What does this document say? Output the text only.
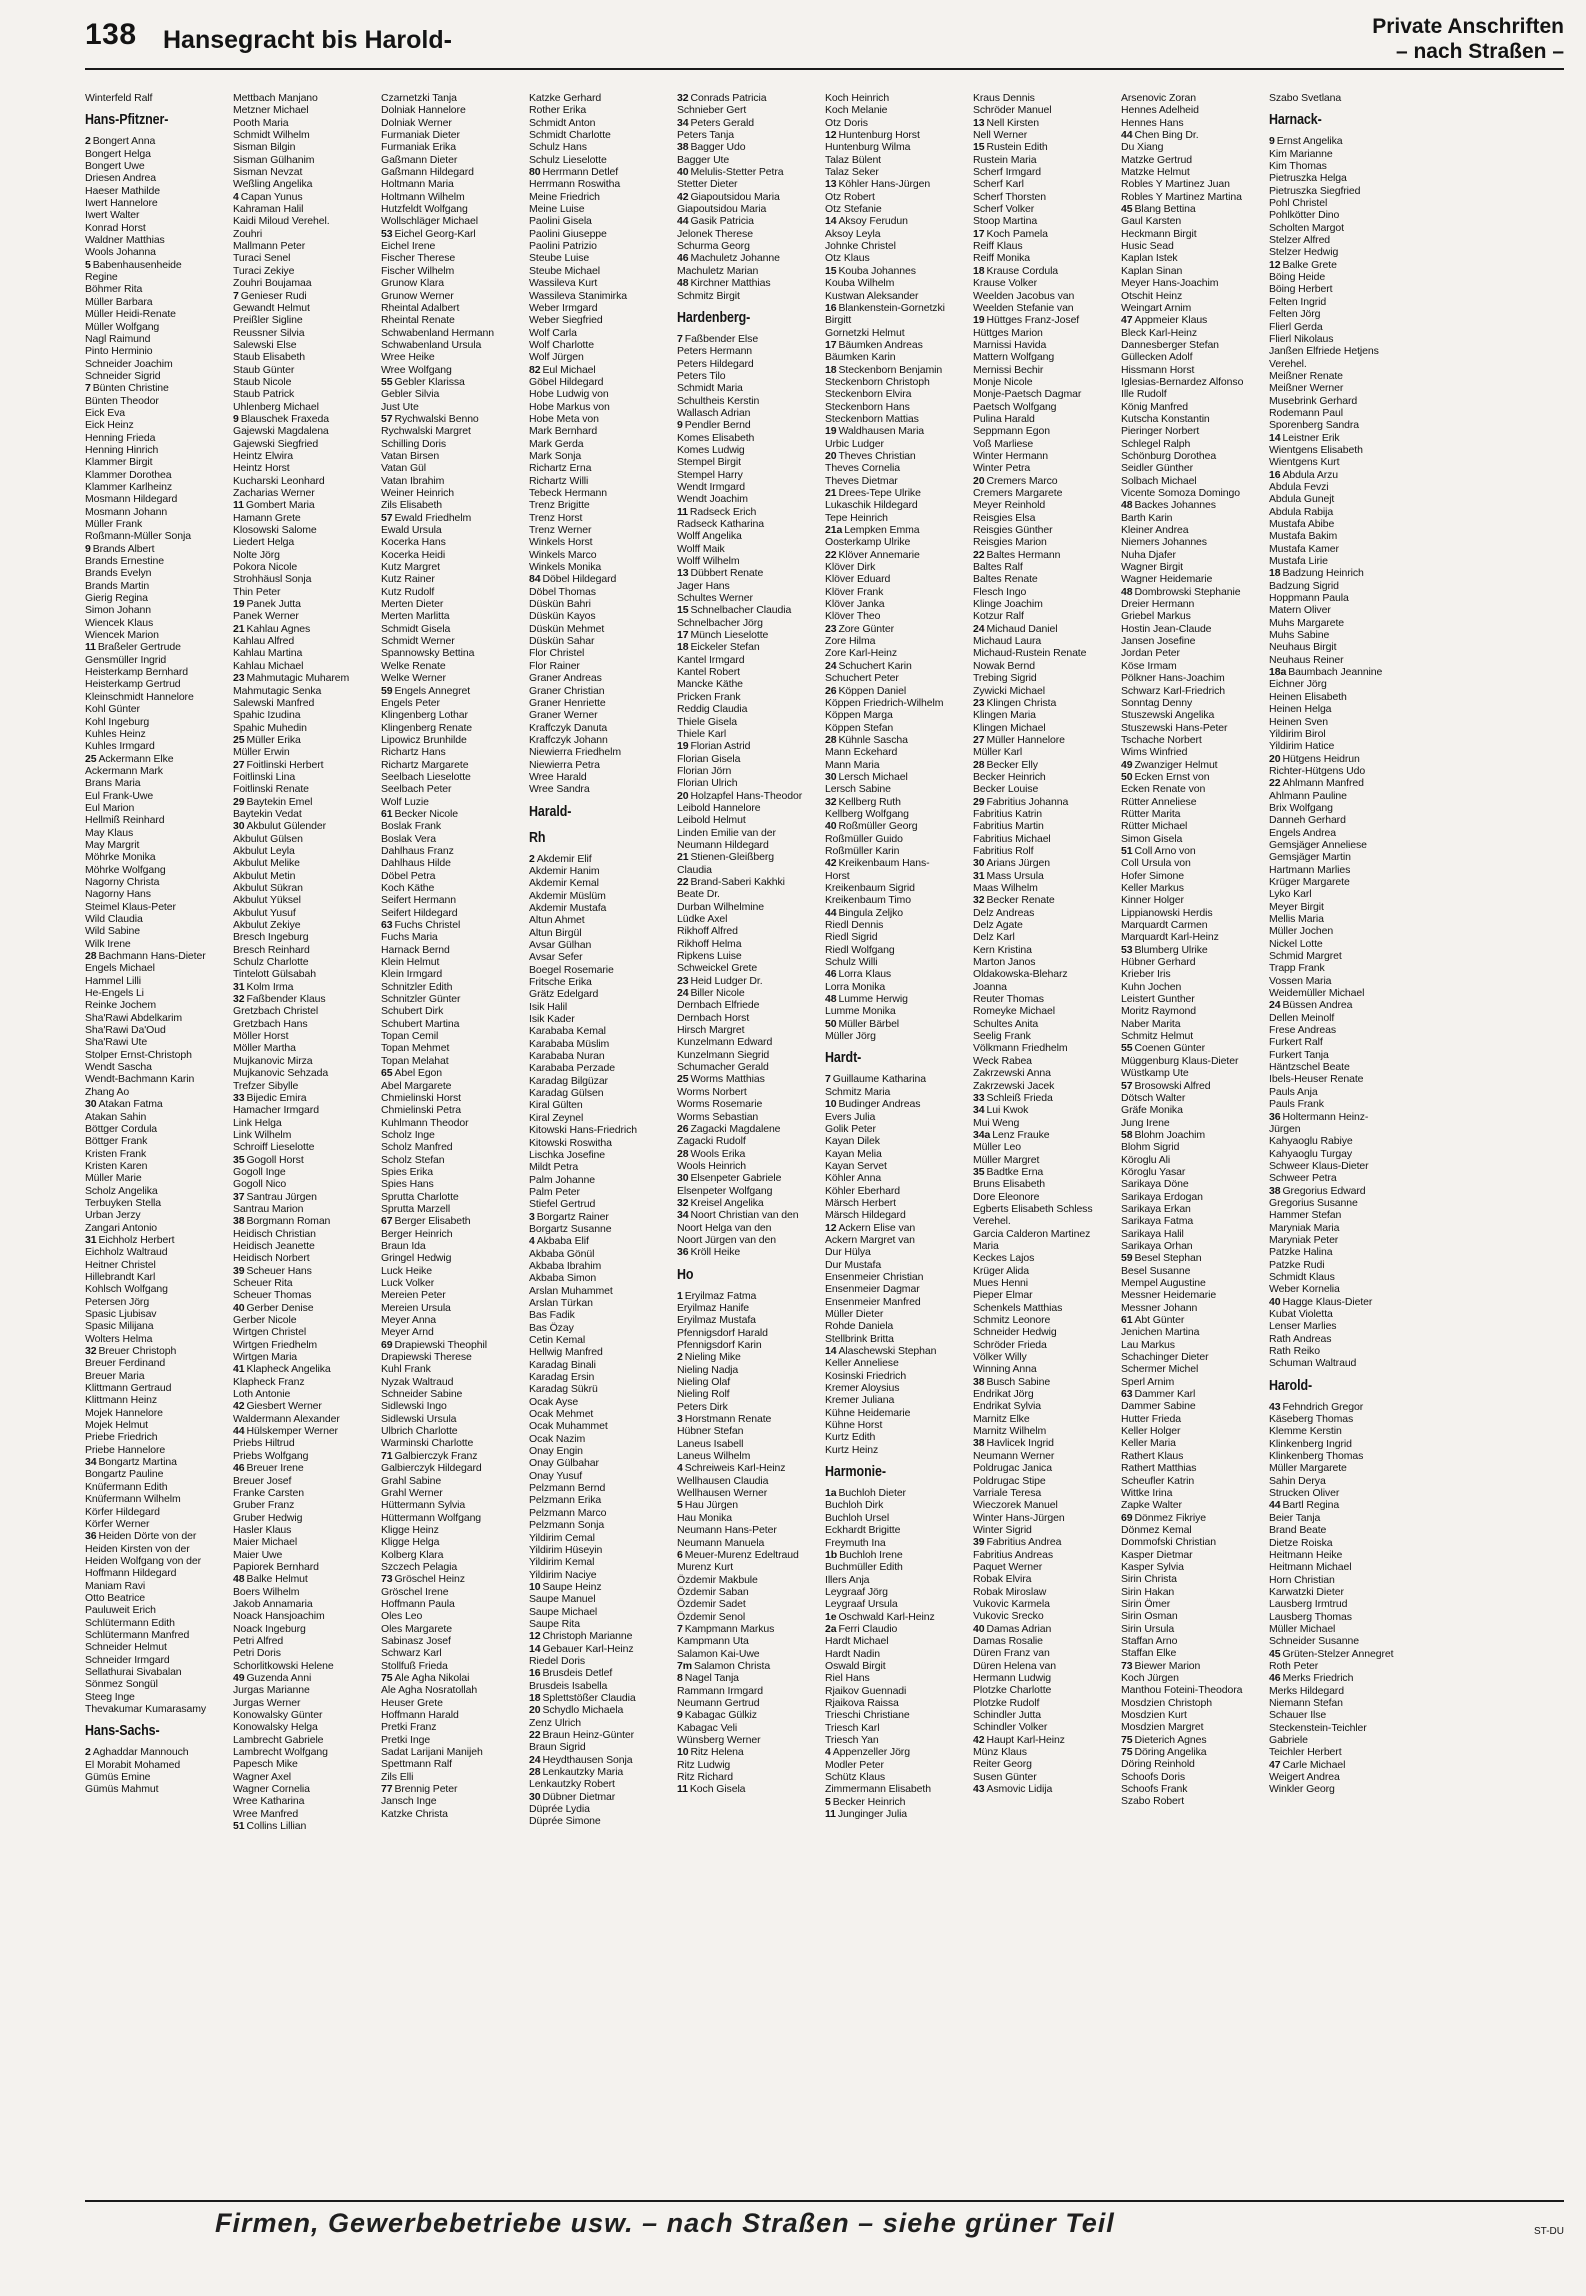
138 Hansegracht bis Harold-	Private Anschriften
– nach Straßen –
Winterfeld Ralf
Hans-Pfitzner-
2 Bongert Anna
Bongert Helga
Bongert Uwe
Driesen Andrea
Haeser Mathilde
Iwert Hannelore
Iwert Walter
Konrad Horst
Waldner Matthias
Wools Johanna
5 Babenhausenheide
Regine
Böhmer Rita
Müller Barbara
Müller Heidi-Renate
Müller Wolfgang
Nagl Raimund
Pinto Herminio
Schneider Joachim
Schneider Sigrid
7 Bünten Christine
Bünten Theodor
Eick Eva
Eick Heinz
Henning Frieda
Henning Hinrich
Klammer Birgit
Klammer Dorothea
Klammer Karlheinz
Mosmann Hildegard
Mosmann Johann
Müller Frank
Roßmann-Müller Sonja
9 Brands Albert
Brands Ernestine
Brands Evelyn
Brands Martin
Gierig Regina
Simon Johann
Wiencek Klaus
Wiencek Marion
11 Braßeler Gertrude
Gensmüller Ingrid
Heisterkamp Bernhard
Heisterkamp Gertrud
Kleinschmidt Hannelore
Kohl Günter
Kohl Ingeburg
Kuhles Heinz
Kuhles Irmgard
25 Ackermann Elke
Ackermann Mark
Brans Maria
Eul Frank-Uwe
Eul Marion
Hellmiß Reinhard
May Klaus
May Margrit
Möhrke Monika
Möhrke Wolfgang
Nagorny Christa
Nagorny Hans
Steimel Klaus-Peter
Wild Claudia
Wild Sabine
Wilk Irene
28 Bachmann Hans-Dieter
Engels Michael
Hammel Lilli
He-Engels Li
Reinke Jochem
Sha'Rawi Abdelkarim
Sha'Rawi Da'Oud
Sha'Rawi Ute
Stolper Ernst-Christoph
Wendt Sascha
Wendt-Bachmann Karin
Zhang Ao
30 Atakan Fatma
Atakan Sahin
Böttger Cordula
Böttger Frank
Kristen Frank
Kristen Karen
Müller Marie
Scholz Angelika
Terbuyken Stella
Urban Jerzy
Zangari Antonio
31 Eichholz Herbert
Eichholz Waltraud
Heitner Christel
Hillebrandt Karl
Kohlsch Wolfgang
Petersen Jörg
Spasic Ljubisav
Spasic Milijana
Wolters Helma
32 Breuer Christoph
Breuer Ferdinand
Breuer Maria
Klittmann Gertraud
Klittmann Heinz
Mojek Hannelore
Mojek Helmut
Priebe Friedrich
Priebe Hannelore
34 Bongartz Martina
Bongartz Pauline
Knüfermann Edith
Knüfermann Wilhelm
Körfer Hildegard
Körfer Werner
36 Heiden Dörte von der
Heiden Kirsten von der
Heiden Wolfgang von der
Hoffmann Hildegard
Maniam Ravi
Otto Beatrice
Pauluweit Erich
Schlütermann Edith
Schlütermann Manfred
Schneider Helmut
Schneider Irmgard
Sellathurai Sivabalan
Sönmez Songül
Steeg Inge
Thevakumar Kumarasamy
Hans-Sachs-
2 Aghaddar Mannouch
El Morabit Mohamed
Gümüs Emine
Gümüs Mahmut
Mettbach Manjano
Metzner Michael
Pooth Maria
Schmidt Wilhelm
Sisman Bilgin
Sisman Gülhanim
Sisman Nevzat
Weßling Angelika
4 Capan Yunus
Kahraman Halil
Kaidi Miloud Verehel.
Zouhri
Mallmann Peter
Turaci Senel
Turaci Zekiye
Zouhri Boujamaa
7 Genieser Rudi
Gewandt Helmut
Preißler Sigline
Reussner Silvia
Salewski Else
Staub Elisabeth
Staub Günter
Staub Nicole
Staub Patrick
Uhlenberg Michael
9 Blauschek Fraxeda
Gajewski Magdalena
Gajewski Siegfried
Heintz Elwira
Heintz Horst
Kucharski Leonhard
Zacharias Werner
11 Gombert Maria
Hamann Grete
Klosowski Salome
Liedert Helga
Nolte Jörg
Pokora Nicole
Strohhäusl Sonja
Thin Peter
19 Panek Jutta
Panek Werner
21 Kahlau Agnes
Kahlau Alfred
Kahlau Martina
Kahlau Michael
23 Mahmutagic Muharem
Mahmutagic Senka
Salewski Manfred
Spahic Izudina
Spahic Muhedin
25 Müller Erika
Müller Erwin
27 Foitlinski Herbert
Foitlinski Lina
Foitlinski Renate
29 Baytekin Emel
Baytekin Vedat
30 Akbulut Gülender
Akbulut Gülsen
Akbulut Leyla
Akbulut Melike
Akbulut Metin
Akbulut Sükran
Akbulut Yüksel
Akbulut Yusuf
Akbulut Zekiye
Bresch Ingeburg
Bresch Reinhard
Schulz Charlotte
Tintelott Gülsabah
31 Kolm Irma
32 Faßbender Klaus
Gretzbach Christel
Gretzbach Hans
Möller Horst
Möller Martha
Mujkanovic Mirza
Mujkanovic Sehzada
Trefzer Sibylle
33 Bijedic Emira
Hamacher Irmgard
Link Helga
Link Wilhelm
Schroiff Lieselotte
35 Gogoll Horst
Gogoll Inge
Gogoll Nico
37 Santrau Jürgen
Santrau Marion
38 Borgmann Roman
Heidisch Christian
Heidisch Jeanette
Heidisch Norbert
39 Scheuer Hans
Scheuer Rita
Scheuer Thomas
40 Gerber Denise
Gerber Nicole
Wirtgen Christel
Wirtgen Friedhelm
Wirtgen Maria
41 Klapheck Angelika
Klapheck Franz
Loth Antonie
42 Giesbert Werner
Waldermann Alexander
44 Hülskemper Werner
Priebs Hiltrud
Priebs Wolfgang
46 Breuer Irene
Breuer Josef
Franke Carsten
Gruber Franz
Gruber Hedwig
Hasler Klaus
Maier Michael
Maier Uwe
Papiorek Bernhard
48 Balke Helmut
Boers Wilhelm
Jakob Annamaria
Noack Hansjoachim
Noack Ingeburg
Petri Alfred
Petri Doris
Schorlitkowski Helene
49 Guzenda Anni
Jurgas Marianne
Jurgas Werner
Konowalsky Günter
Konowalsky Helga
Lambrecht Gabriele
Lambrecht Wolfgang
Papesch Mike
Wagner Axel
Wagner Cornelia
Wree Katharina
Wree Manfred
51 Collins Lillian
Czarnetzki Tanja
Dolniak Hannelore
Dolniak Werner
Furmaniak Dieter
Furmaniak Erika
Gaßmann Dieter
Gaßmann Hildegard
Holtmann Maria
Holtmann Wilhelm
Hutzfeldt Wolfgang
Wollschläger Michael
53 Eichel Georg-Karl
Eichel Irene
Fischer Therese
Fischer Wilhelm
Grunow Klara
Grunow Werner
Rheintal Adalbert
Rheintal Renate
Schwabenland Hermann
Schwabenland Ursula
Wree Heike
Wree Wolfgang
55 Gebler Klarissa
Gebler Silvia
Just Ute
57 Rychwalski Benno
Rychwalski Margret
Schilling Doris
Vatan Birsen
Vatan Gül
Vatan Ibrahim
Weiner Heinrich
Zils Elisabeth
57 Ewald Friedhelm
Ewald Ursula
Kocerka Hans
Kocerka Heidi
Kutz Margret
Kutz Rainer
Kutz Rudolf
Merten Dieter
Merten Marlitta
Schmidt Gisela
Schmidt Werner
Spannowsky Bettina
Welke Renate
Welke Werner
59 Engels Annegret
Engels Peter
Klingenberg Lothar
Klingenberg Renate
Lipowicz Brunhilde
Richartz Hans
Richartz Margarete
Seelbach Lieselotte
Seelbach Peter
Wolf Luzie
61 Becker Nicole
Boslak Frank
Boslak Vera
Dahlhaus Franz
Dahlhaus Hilde
Döbel Petra
Koch Käthe
Seifert Hermann
Seifert Hildegard
63 Fuchs Christel
Fuchs Maria
Harnack Bernd
Klein Helmut
Klein Irmgard
Schnitzler Edith
Schnitzler Günter
Schubert Dirk
Schubert Martina
Topan Cemil
Topan Mehmet
Topan Melahat
65 Abel Egon
Abel Margarete
Chmielinski Horst
Chmielinski Petra
Kuhlmann Theodor
Scholz Inge
Scholz Manfred
Scholz Stefan
Spies Erika
Spies Hans
Sprutta Charlotte
Sprutta Marzell
67 Berger Elisabeth
Berger Heinrich
Braun Ida
Gringel Hedwig
Luck Heike
Luck Volker
Mereien Peter
Mereien Ursula
Meyer Anna
Meyer Arnd
69 Drapiewski Theophil
Drapiewski Therese
Kuhl Frank
Nyzak Waltraud
Schneider Sabine
Sidlewski Ingo
Sidlewski Ursula
Ulbrich Charlotte
Warminski Charlotte
71 Galbierczyk Franz
Galbierczyk Hildegard
Grahl Sabine
Grahl Werner
Hüttermann Sylvia
Hüttermann Wolfgang
Kligge Heinz
Kligge Helga
Kolberg Klara
Szczech Pelagia
73 Gröschel Heinz
Gröschel Irene
Hoffmann Paula
Oles Leo
Oles Margarete
Sabinasz Josef
Schwarz Karl
Stollfuß Frieda
75 Ale Agha Nikolai
Ale Agha Nosratollah
Heuser Grete
Hoffmann Harald
Pretki Franz
Pretki Inge
Sadat Larijani Manijeh
Spettmann Ralf
Zils Elli
77 Brennig Peter
Jansch Inge
Katzke Christa
Katzke Gerhard
Rother Erika
Schmidt Anton
Schmidt Charlotte
Schulz Hans
Schulz Lieselotte
80 Herrmann Detlef
Herrmann Roswitha
Meine Friedrich
Meine Luise
Paolini Gisela
Paolini Giuseppe
Paolini Patrizio
Steube Luise
Steube Michael
Wassileva Kurt
Wassileva Stanimirka
Weber Irmgard
Weber Siegfried
Wolf Carla
Wolf Charlotte
Wolf Jürgen
82 Eul Michael
Göbel Hildegard
Hobe Ludwig von
Hobe Markus von
Hobe Meta von
Mark Bernhard
Mark Gerda
Mark Sonja
Richartz Erna
Richartz Willi
Tebeck Hermann
Trenz Brigitte
Trenz Horst
Trenz Werner
Winkels Horst
Winkels Marco
Winkels Monika
84 Döbel Hildegard
Döbel Thomas
Düskün Bahri
Düskün Kayos
Düskün Mehmet
Düskün Sahar
Flor Christel
Flor Rainer
Graner Andreas
Graner Christian
Graner Henriette
Graner Werner
Kraffczyk Danuta
Kraffczyk Johann
Niewierra Friedhelm
Niewierra Petra
Wree Harald
Wree Sandra
Harald-
Rh
2 Akdemir Elif
Akdemir Hanim
Akdemir Kemal
Akdemir Müslüm
Akdemir Mustafa
Altun Ahmet
Altun Birgül
Avsar Gülhan
Avsar Sefer
Boegel Rosemarie
Fritsche Erika
Grätz Edelgard
Isik Halil
Isik Kader
Karababa Kemal
Karababa Müslim
Karababa Nuran
Karababa Perzade
Karadag Bilgüzar
Karadag Gülsen
Kiral Gülten
Kiral Zeynel
Kitowski Hans-Friedrich
Kitowski Roswitha
Lischka Josefine
Mildt Petra
Palm Johanne
Palm Peter
Stiefel Gertrud
3 Borgartz Rainer
Borgartz Susanne
4 Akbaba Elif
Akbaba Gönül
Akbaba Ibrahim
Akbaba Simon
Arslan Muhammet
Arslan Türkan
Bas Fadik
Bas Özay
Cetin Kemal
Hellwig Manfred
Karadag Binali
Karadag Ersin
Karadag Sükrü
Ocak Ayse
Ocak Mehmet
Ocak Muhammet
Ocak Nazim
Onay Engin
Onay Gülbahar
Onay Yusuf
Pelzmann Bernd
Pelzmann Erika
Pelzmann Marco
Pelzmann Sonja
Yildirim Cemal
Yildirim Hüseyin
Yildirim Kemal
Yildirim Naciye
10 Saupe Heinz
Saupe Manuel
Saupe Michael
Saupe Rita
12 Christoph Marianne
14 Gebauer Karl-Heinz
Riedel Doris
16 Brusdeis Detlef
Brusdeis Isabella
18 Splettstößer Claudia
20 Schydlo Michaela
Zenz Ulrich
22 Braun Heinz-Günter
Braun Sigrid
24 Heydthausen Sonja
28 Lenkautzky Maria
Lenkautzky Robert
30 Dübner Dietmar
Düprée Lydia
Düprée Simone
32 Conrads Patricia
Schnieber Gert
34 Peters Gerald
Peters Tanja
38 Bagger Udo
Bagger Ute
40 Melulis-Stetter Petra
Stetter Dieter
42 Giapoutsidou Maria
Giapoutsidou Maria
44 Gasik Patricia
Jelonek Therese
Schurma Georg
46 Machuletz Johanne
Machuletz Marian
48 Kirchner Matthias
Schmitz Birgit
Hardenberg-
7 Faßbender Else
Peters Hermann
Peters Hildegard
Peters Tilo
Schmidt Maria
Schultheis Kerstin
Wallasch Adrian
9 Pendler Bernd
Komes Elisabeth
Komes Ludwig
Stempel Birgit
Stempel Harry
Wendt Irmgard
Wendt Joachim
11 Radseck Erich
Radseck Katharina
Wolff Angelika
Wolff Maik
Wolff Wilhelm
13 Dübbert Renate
Jager Hans
Schultes Werner
15 Schnelbacher Claudia
Schnelbacher Jörg
17 Münch Lieselotte
18 Eickeler Stefan
Kantel Irmgard
Kantel Robert
Mancke Käthe
Pricken Frank
Reddig Claudia
Thiele Gisela
Thiele Karl
19 Florian Astrid
Florian Gisela
Florian Jörn
Florian Ulrich
20 Holzapfel Hans-Theodor
Leibold Hannelore
Leibold Helmut
Linden Emilie van der
Neumann Hildegard
21 Stienen-Gleißberg
Claudia
22 Brand-Saberi Kakhki
Beate Dr.
Durban Wilhelmine
Lüdke Axel
Rikhoff Alfred
Rikhoff Helma
Ripkens Luise
Schweickel Grete
23 Heid Ludger Dr.
24 Biller Nicole
Dernbach Elfriede
Dernbach Horst
Hirsch Margret
Kunzelmann Edward
Kunzelmann Siegrid
Schumacher Gerald
25 Worms Matthias
Worms Norbert
Worms Rosemarie
Worms Sebastian
26 Zagacki Magdalene
Zagacki Rudolf
28 Wools Erika
Wools Heinrich
30 Elsenpeter Gabriele
Elsenpeter Wolfgang
32 Kreisel Angelika
34 Noort Christian van den
Noort Helga van den
Noort Jürgen van den
36 Kröll Heike
Ho
1 Eryilmaz Fatma
Eryilmaz Hanife
Eryilmaz Mustafa
Pfennigsdorf Harald
Pfennigsdorf Karin
2 Nieling Mike
Nieling Nadja
Nieling Olaf
Nieling Rolf
Peters Dirk
3 Horstmann Renate
Hübner Stefan
Laneus Isabell
Laneus Wilhelm
4 Schreiweis Karl-Heinz
Wellhausen Claudia
Wellhausen Werner
5 Hau Jürgen
Hau Monika
Neumann Hans-Peter
Neumann Manuela
6 Meuer-Murenz Edeltraud
Murenz Kurt
Özdemir Makbule
Özdemir Saban
Özdemir Sadet
Özdemir Senol
7 Kampmann Markus
Kampmann Uta
Salamon Kai-Uwe
7m Salamon Christa
8 Nagel Tanja
Rammann Irmgard
Neumann Gertrud
9 Kabagac Gülkiz
Kabagac Veli
Wünsberg Werner
10 Ritz Helena
Ritz Ludwig
Ritz Richard
11 Koch Gisela
Koch Heinrich
Koch Melanie
Otz Doris
12 Huntenburg Horst
Huntenburg Wilma
Talaz Bülent
Talaz Seker
13 Köhler Hans-Jürgen
Otz Robert
Otz Stefanie
14 Aksoy Ferudun
Aksoy Leyla
Johnke Christel
Otz Klaus
15 Kouba Johannes
Kouba Wilhelm
Kustwan Aleksander
16 Blankenstein-Gornetzki
Birgitt
Gornetzki Helmut
17 Bäumken Andreas
Bäumken Karin
18 Steckenborn Benjamin
Steckenborn Christoph
Steckenborn Elvira
Steckenborn Hans
Steckenborn Mattias
19 Waldhausen Maria
Urbic Ludger
20 Theves Christian
Theves Cornelia
Theves Dietmar
21 Drees-Tepe Ulrike
Lukaschik Hildegard
Tepe Heinrich
21a Lempken Emma
Oosterkamp Ulrike
22 Klöver Annemarie
Klöver Dirk
Klöver Eduard
Klöver Frank
Klöver Janka
Klöver Theo
23 Zore Günter
Zore Hilma
Zore Karl-Heinz
24 Schuchert Karin
Schuchert Peter
26 Köppen Daniel
Köppen Friedrich-Wilhelm
Köppen Marga
Köppen Stefan
28 Kühnle Sascha
Mann Eckehard
Mann Maria
30 Lersch Michael
Lersch Sabine
32 Kellberg Ruth
Kellberg Wolfgang
40 Roßmüller Georg
Roßmüller Guido
Roßmüller Karin
42 Kreikenbaum Hans-
Horst
Kreikenbaum Sigrid
Kreikenbaum Timo
44 Bingula Zeljko
Riedl Dennis
Riedl Sigrid
Riedl Wolfgang
Schulz Willi
46 Lorra Klaus
Lorra Monika
48 Lumme Herwig
Lumme Monika
50 Müller Bärbel
Müller Jörg
Hardt-
7 Guillaume Katharina
Schmitz Maria
10 Budinger Andreas
Evers Julia
Golik Peter
Kayan Dilek
Kayan Melia
Kayan Servet
Köhler Anna
Köhler Eberhard
Märsch Herbert
Märsch Hildegard
12 Ackern Elise van
Ackern Margret van
Dur Hülya
Dur Mustafa
Ensenmeier Christian
Ensenmeier Dagmar
Ensenmeier Manfred
Müller Dieter
Rohde Daniela
Stellbrink Britta
14 Alaschewski Stephan
Keller Anneliese
Kosinski Friedrich
Kremer Aloysius
Kremer Juliana
Kühne Heidemarie
Kühne Horst
Kurtz Edith
Kurtz Heinz
Harmonie-
1a Buchloh Dieter
Buchloh Dirk
Buchloh Ursel
Eckhardt Brigitte
Freymuth Ina
1b Buchloh Irene
Buchmüller Edith
Illers Anja
Leygraaf Jörg
Leygraaf Ursula
1e Oschwald Karl-Heinz
2a Ferri Claudio
Hardt Michael
Hardt Nadin
Oswald Birgit
Riel Hans
Rjaikov Guennadi
Rjaikova Raissa
Trieschi Christiane
Triesch Karl
Triesch Yan
4 Appenzeller Jörg
Modler Peter
Schütz Klaus
Zimmermann Elisabeth
5 Becker Heinrich
11 Junginger Julia
Kraus Dennis
Schröder Manuel
13 Nell Kirsten
Nell Werner
15 Rustein Edith
Rustein Maria
Scherf Irmgard
Scherf Karl
Scherf Thorsten
Scherf Volker
Stoop Martina
17 Koch Pamela
Reiff Klaus
Reiff Monika
18 Krause Cordula
Krause Volker
Weelden Jacobus van
Weelden Stefanie van
19 Hüttges Franz-Josef
Hüttges Marion
Marnissi Havida
Mattern Wolfgang
Mernissi Bechir
Monje Nicole
Monje-Paetsch Dagmar
Paetsch Wolfgang
Pulina Harald
Seppmann Egon
Voß Marliese
Winter Hermann
Winter Petra
20 Cremers Marco
Cremers Margarete
Meyer Reinhold
Reisgies Elsa
Reisgies Günther
Reisgies Marion
22 Baltes Hermann
Baltes Ralf
Baltes Renate
Flesch Ingo
Klinge Joachim
Kotzur Ralf
24 Michaud Daniel
Michaud Laura
Michaud-Rustein Renate
Nowak Bernd
Trebing Sigrid
Zywicki Michael
23 Klingen Christa
Klingen Maria
Klingen Michael
27 Müller Hannelore
Müller Karl
28 Becker Elly
Becker Heinrich
Becker Louise
29 Fabritius Johanna
Fabritius Katrin
Fabritius Martin
Fabritius Michael
Fabritius Rolf
30 Arians Jürgen
31 Mass Ursula
Maas Wilhelm
32 Becker Renate
Delz Andreas
Delz Agate
Delz Karl
Kern Kristina
Marton Janos
Oldakowska-Bleharz
Joanna
Reuter Thomas
Romeyke Michael
Schultes Anita
Seelig Frank
Völkmann Friedhelm
Weck Rabea
Zakrzewski Anna
Zakrzewski Jacek
33 Schleiß Frieda
34 Lui Kwok
Mui Weng
34a Lenz Frauke
Müller Leo
Müller Margret
35 Badtke Erna
Bruns Elisabeth
Dore Eleonore
Egberts Elisabeth Schless
Verehel.
Garcia Calderon Martinez
Maria
Keckes Lajos
Krüger Alida
Mues Henni
Pieper Elmar
Schenkels Matthias
Schmitz Leonore
Schneider Hedwig
Schröder Frieda
Völker Willy
Winning Anna
38 Busch Sabine
Endrikat Jörg
Endrikat Sylvia
Marnitz Elke
Marnitz Wilhelm
38 Havlicek Ingrid
Neumann Werner
Poldrugac Janica
Poldrugac Stipe
Varriale Teresa
Wieczorek Manuel
Winter Hans-Jürgen
Winter Sigrid
39 Fabritius Andrea
Fabritius Andreas
Paquet Werner
Robak Elvira
Robak Miroslaw
Vukovic Karmela
Vukovic Srecko
40 Damas Adrian
Damas Rosalie
Düren Franz van
Düren Helena van
Hermann Ludwig
Plotzke Charlotte
Plotzke Rudolf
Schindler Jutta
Schindler Volker
42 Haupt Karl-Heinz
Münz Klaus
Reiter Georg
Susen Günter
43 Asmovic Lidija
Arsenovic Zoran
Hennes Adelheid
Hennes Hans
44 Chen Bing Dr.
Du Xiang
Matzke Gertrud
Matzke Helmut
Robles Y Martinez Juan
Robles Y Martinez Martina
45 Blang Bettina
Gaul Karsten
Heckmann Birgit
Husic Sead
Kaplan Istek
Kaplan Sinan
Meyer Hans-Joachim
Otschit Heinz
Weingart Arnim
47 Appmeier Klaus
Bleck Karl-Heinz
Dannesberger Stefan
Güllecken Adolf
Hissmann Horst
Iglesias-Bernardez Alfonso
Ille Rudolf
König Manfred
Kutscha Konstantin
Pieringer Norbert
Schlegel Ralph
Schönburg Dorothea
Seidler Günther
Solbach Michael
Vicente Somoza Domingo
48 Backes Johannes
Barth Karin
Kleiner Andrea
Niemers Johannes
Nuha Djafer
Wagner Birgit
Wagner Heidemarie
48 Dombrowski Stephanie
Dreier Hermann
Griebel Markus
Hostin Jean-Claude
Jansen Josefine
Jordan Peter
Köse Irmam
Pölkner Hans-Joachim
Schwarz Karl-Friedrich
Sonntag Denny
Stuszewski Angelika
Stuszewski Hans-Peter
Tschache Norbert
Wims Winfried
49 Zwanziger Helmut
50 Ecken Ernst von
Ecken Renate von
Rütter Anneliese
Rütter Marita
Rütter Michael
Simon Gisela
51 Coll Arno von
Coll Ursula von
Hofer Simone
Keller Markus
Kinner Holger
Lippianowski Herdis
Marquardt Carmen
Marquardt Karl-Heinz
53 Blumberg Ulrike
Hübner Gerhard
Krieber Iris
Kuhn Jochen
Leistert Gunther
Moritz Raymond
Naber Marita
Schmitz Helmut
55 Coenen Günter
Müggenburg Klaus-Dieter
Wüstkamp Ute
57 Brosowski Alfred
Dötsch Walter
Gräfe Monika
Jung Irene
58 Blohm Joachim
Blohm Sigrid
Köroglu Ali
Köroglu Yasar
Sarikaya Döne
Sarikaya Erdogan
Sarikaya Erkan
Sarikaya Fatma
Sarikaya Halil
Sarikaya Orhan
59 Besel Stephan
Besel Susanne
Mempel Augustine
Messner Heidemarie
Messner Johann
61 Abt Günter
Jenichen Martina
Lau Markus
Schachinger Dieter
Schermer Michel
Sperl Arnim
63 Dammer Karl
Dammer Sabine
Hutter Frieda
Keller Holger
Keller Maria
Rathert Klaus
Rathert Matthias
Scheufler Katrin
Wittke Irina
Zapke Walter
69 Dönmez Fikriye
Dönmez Kemal
Dommofski Christian
Kasper Dietmar
Kasper Sylvia
Sirin Christa
Sirin Hakan
Sirin Ömer
Sirin Osman
Sirin Ursula
Staffan Arno
Staffan Elke
73 Biewer Marion
Koch Jürgen
Manthou Foteini-Theodora
Mosdzien Christoph
Mosdzien Kurt
Mosdzien Margret
75 Dieterich Agnes
75 Döring Angelika
Döring Reinhold
Schoofs Doris
Schoofs Frank
Szabo Robert
Szabo Svetlana
Harnack-
9 Ernst Angelika
Kim Marianne
Kim Thomas
Pietruszka Helga
Pietruszka Siegfried
Pohl Christel
Pohlkötter Dino
Scholten Margot
Stelzer Alfred
Stelzer Hedwig
12 Balke Grete
Böing Heide
Böing Herbert
Felten Ingrid
Felten Jörg
Flierl Gerda
Flierl Nikolaus
Janßen Elfriede Hetjens
Verehel.
Meißner Renate
Meißner Werner
Musebrink Gerhard
Rodemann Paul
Sporenberg Sandra
14 Leistner Erik
Wientgens Elisabeth
Wientgens Kurt
16 Abdula Arzu
Abdula Fevzi
Abdula Gunejt
Abdula Rabija
Mustafa Abibe
Mustafa Bakim
Mustafa Kamer
Mustafa Lirie
18 Badzung Heinrich
Badzung Sigrid
Hoppmann Paula
Matern Oliver
Muhs Margarete
Muhs Sabine
Neuhaus Birgit
Neuhaus Reiner
18a Baumbach Jeannine
Eichner Jörg
Heinen Elisabeth
Heinen Helga
Heinen Sven
Yildirim Birol
Yildirim Hatice
20 Hütgens Heidrun
Richter-Hütgens Udo
22 Ahlmann Manfred
Ahlmann Pauline
Brix Wolfgang
Danneh Gerhard
Engels Andrea
Gemsjäger Anneliese
Gemsjäger Martin
Hartmann Marlies
Krüger Margarete
Lyko Karl
Meyer Birgit
Mellis Maria
Müller Jochen
Nickel Lotte
Schmid Margret
Trapp Frank
Vossen Maria
Weidemüller Michael
24 Büssen Andrea
Dellen Meinolf
Frese Andreas
Furkert Ralf
Furkert Tanja
Häntzschel Beate
Ibels-Heuser Renate
Pauls Anja
Pauls Frank
36 Holtermann Heinz-
Jürgen
Kahyaoglu Rabiye
Kahyaoglu Turgay
Schweer Klaus-Dieter
Schweer Petra
38 Gregorius Edward
Gregorius Susanne
Hammer Stefan
Maryniak Maria
Maryniak Peter
Patzke Halina
Patzke Rudi
Schmidt Klaus
Weber Kornelia
40 Hagge Klaus-Dieter
Kubat Violetta
Lenser Marlies
Rath Andreas
Rath Reiko
Schuman Waltraud
Harold-
43 Fehndrich Gregor
Käseberg Thomas
Klemme Kerstin
Klinkenberg Ingrid
Klinkenberg Thomas
Müller Margarete
Sahin Derya
Strucken Oliver
44 Bartl Regina
Beier Tanja
Brand Beate
Dietze Roiska
Heitmann Heike
Heitmann Michael
Horn Christian
Karwatzki Dieter
Lausberg Irmtrud
Lausberg Thomas
Müller Michael
Schneider Susanne
45 Grüten-Stelzer Annegret
Roth Peter
46 Merks Friedrich
Merks Hildegard
Niemann Stefan
Schauer Ilse
Steckenstein-Teichler
Gabriele
Teichler Herbert
47 Carle Michael
Weigert Andrea
Winkler Georg
Firmen, Gewerbebetriebe usw. – nach Straßen – siehe grüner Teil	ST-DU
